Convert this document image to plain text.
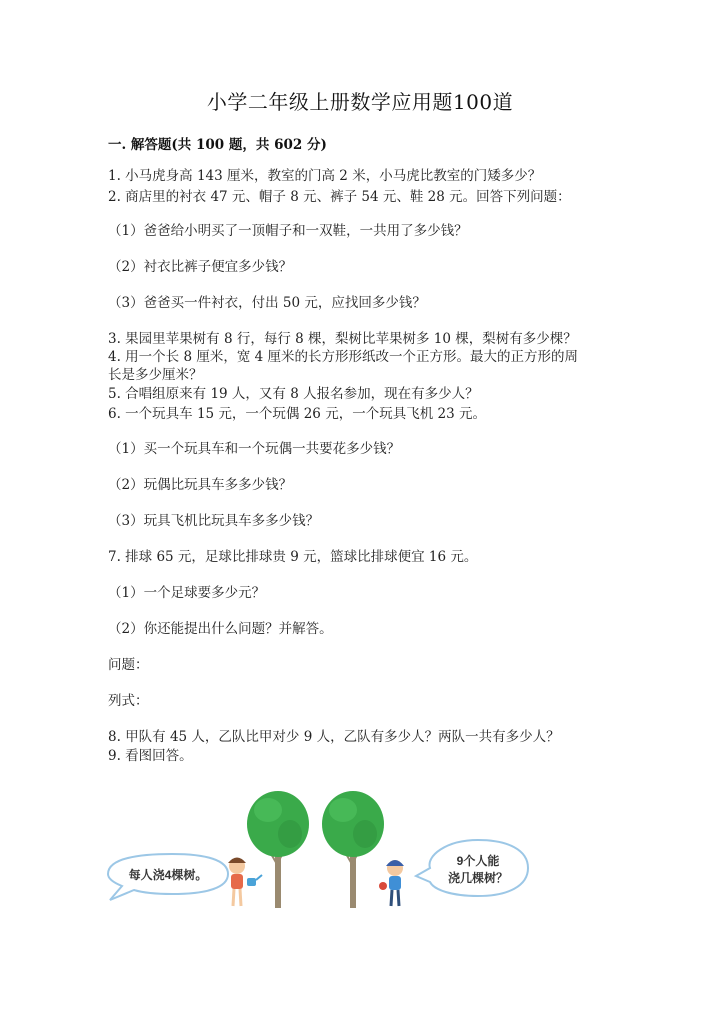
小学二年级上册数学应用题100道
一. 解答题(共 100 题，共 602 分)
1. 小马虎身高 143 厘米，教室的门高 2 米，小马虎比教室的门矮多少？
2. 商店里的衬衣 47 元、帽子 8 元、裤子 54 元、鞋 28 元。回答下列问题：
（1）爸爸给小明买了一顶帽子和一双鞋，一共用了多少钱？
（2）衬衣比裤子便宜多少钱？
（3）爸爸买一件衬衣，付出 50 元，应找回多少钱？
3. 果园里苹果树有 8 行，每行 8 棵，梨树比苹果树多 10 棵，梨树有多少棵？
4. 用一个长 8 厘米，宽 4 厘米的长方形形纸改一个正方形。最大的正方形的周
长是多少厘米？
5. 合唱组原来有 19 人，又有 8 人报名参加，现在有多少人？
6. 一个玩具车 15 元，一个玩偶 26 元，一个玩具飞机 23 元。
（1）买一个玩具车和一个玩偶一共要花多少钱？
（2）玩偶比玩具车多多少钱？
（3）玩具飞机比玩具车多多少钱？
7. 排球 65 元，足球比排球贵 9 元，篮球比排球便宜 16 元。
（1）一个足球要多少元？
（2）你还能提出什么问题？并解答。
问题：
列式：
8. 甲队有 45 人，乙队比甲对少 9 人，乙队有多少人？两队一共有多少人？
9. 看图回答。
每人浇4棵树。
9个人能
浇几棵树？
